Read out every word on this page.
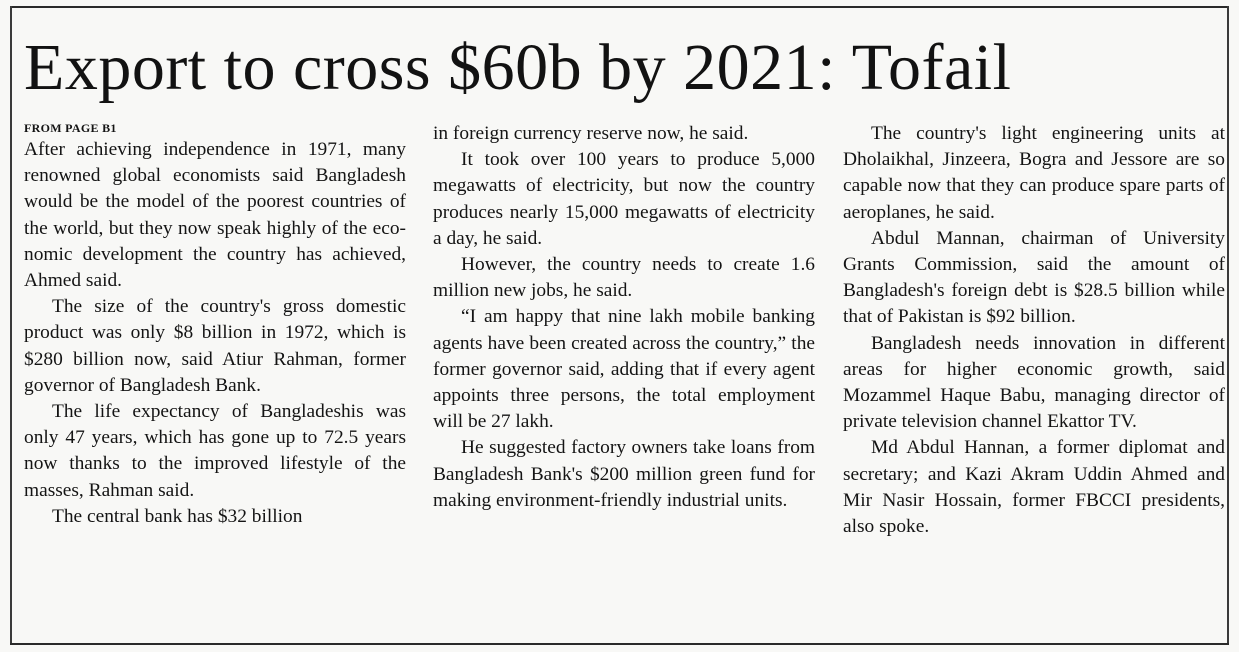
Export to cross $60b by 2021: Tofail
FROM PAGE B1

After achieving independence in 1971, many renowned global economists said Bangladesh would be the model of the poorest countries of the world, but they now speak highly of the economic development the country has achieved, Ahmed said.

The size of the country's gross domestic product was only $8 billion in 1972, which is $280 billion now, said Atiur Rahman, former governor of Bangladesh Bank.

The life expectancy of Bangladeshis was only 47 years, which has gone up to 72.5 years now thanks to the improved lifestyle of the masses, Rahman said.

The central bank has $32 billion

in foreign currency reserve now, he said.

It took over 100 years to produce 5,000 megawatts of electricity, but now the country produces nearly 15,000 megawatts of electricity a day, he said.

However, the country needs to create 1.6 million new jobs, he said.

“I am happy that nine lakh mobile banking agents have been created across the country,” the former governor said, adding that if every agent appoints three persons, the total employment will be 27 lakh.

He suggested factory owners take loans from Bangladesh Bank's $200 million green fund for making environment-friendly industrial units.

The country's light engineering units at Dholaikhal, Jinzeera, Bogra and Jessore are so capable now that they can produce spare parts of aeroplanes, he said.

Abdul Mannan, chairman of University Grants Commission, said the amount of Bangladesh's foreign debt is $28.5 billion while that of Pakistan is $92 billion.

Bangladesh needs innovation in different areas for higher economic growth, said Mozammel Haque Babu, managing director of private television channel Ekattor TV.

Md Abdul Hannan, a former diplomat and secretary; and Kazi Akram Uddin Ahmed and Mir Nasir Hossain, former FBCCI presidents, also spoke.
